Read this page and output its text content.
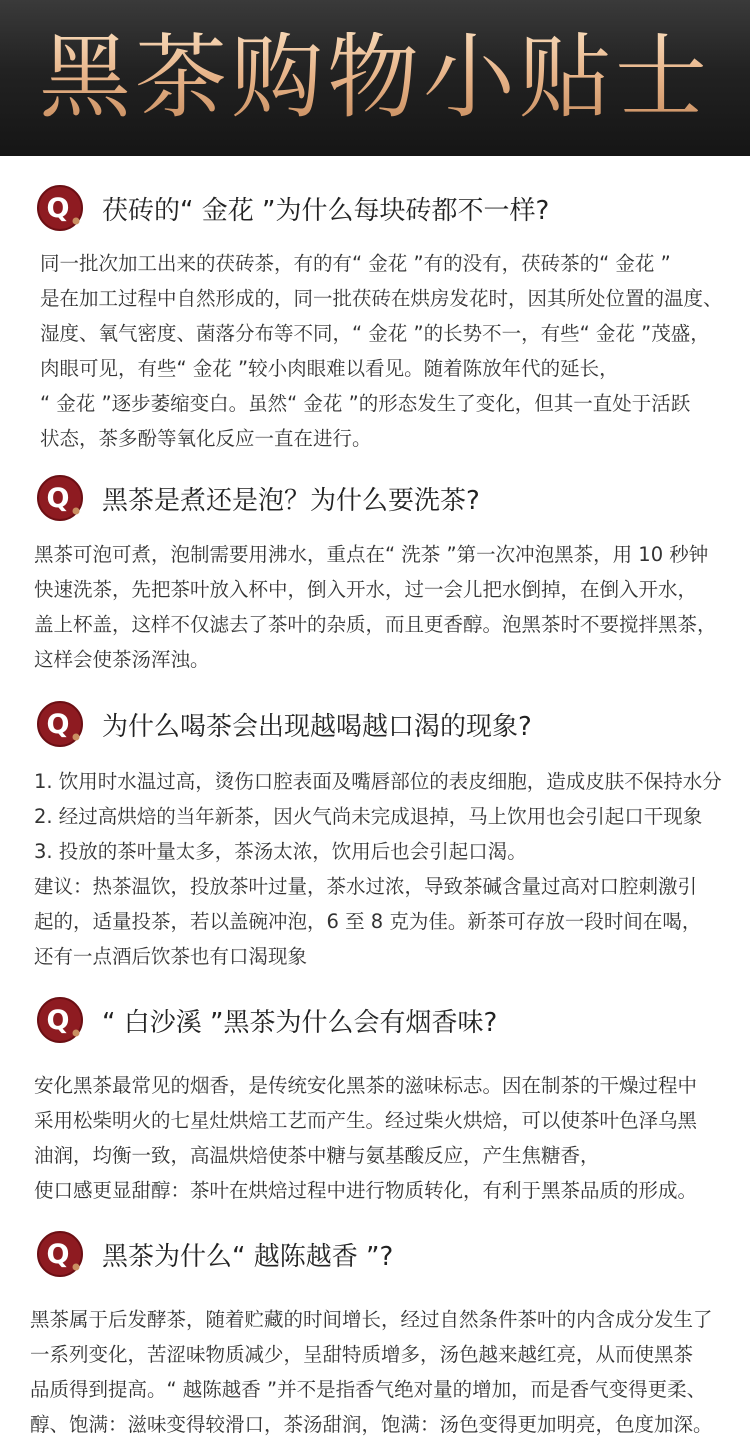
黑茶购物小贴士
Q 茯砖的“ 金花 ”为什么每块砖都不一样?
同一批次加工出来的茯砖茶，有的有“ 金花 ”有的没有，茯砖茶的“ 金花 ”
是在加工过程中自然形成的，同一批茯砖在烘房发花时，因其所处位置的温度、
湿度、氧气密度、菌落分布等不同，“ 金花 ”的长势不一，有些“ 金花 ”茂盛，
肉眼可见，有些“ 金花 ”较小肉眼难以看见。随着陈放年代的延长，
“ 金花 ”逐步萎缩变白。虽然“ 金花 ”的形态发生了变化，但其一直处于活跃
状态，茶多酚等氧化反应一直在进行。
Q 黑茶是煮还是泡？为什么要洗茶?
黑茶可泡可煮，泡制需要用沸水，重点在“ 洗茶 ”第一次冲泡黑茶，用 10 秒钟
快速洗茶，先把茶叶放入杯中，倒入开水，过一会儿把水倒掉，在倒入开水，
盖上杯盖，这样不仅滤去了茶叶的杂质，而且更香醇。泡黑茶时不要搅拌黑茶，
这样会使茶汤浑浊。
Q 为什么喝茶会出现越喝越口渴的现象?
1. 饮用时水温过高，烫伤口腔表面及嘴唇部位的表皮细胞，造成皮肤不保持水分
2. 经过高烘焙的当年新茶，因火气尚未完成退掉，马上饮用也会引起口干现象
3. 投放的茶叶量太多，茶汤太浓，饮用后也会引起口渴。
建议：热茶温饮，投放茶叶过量，茶水过浓，导致茶碱含量过高对口腔刺激引
起的，适量投茶，若以盖碗冲泡，6 至 8 克为佳。新茶可存放一段时间在喝，
还有一点酒后饮茶也有口渴现象
Q “ 白沙溪 ”黑茶为什么会有烟香味?
安化黑茶最常见的烟香，是传统安化黑茶的滋味标志。因在制茶的干燥过程中
采用松柴明火的七星灶烘焙工艺而产生。经过柴火烘焙，可以使茶叶色泽乌黑
油润，均衡一致，高温烘焙使茶中糖与氨基酸反应，产生焦糖香，
使口感更显甜醇：茶叶在烘焙过程中进行物质转化，有利于黑茶品质的形成。
Q 黑茶为什么“ 越陈越香 ”?
黑茶属于后发酵茶，随着贮藏的时间增长，经过自然条件茶叶的内含成分发生了
一系列变化，苦涩味物质减少，呈甜特质增多，汤色越来越红亮，从而使黑茶
品质得到提高。“ 越陈越香 ”并不是指香气绝对量的增加，而是香气变得更柔、
醇、饱满：滋味变得较滑口，茶汤甜润，饱满：汤色变得更加明亮，色度加深。
